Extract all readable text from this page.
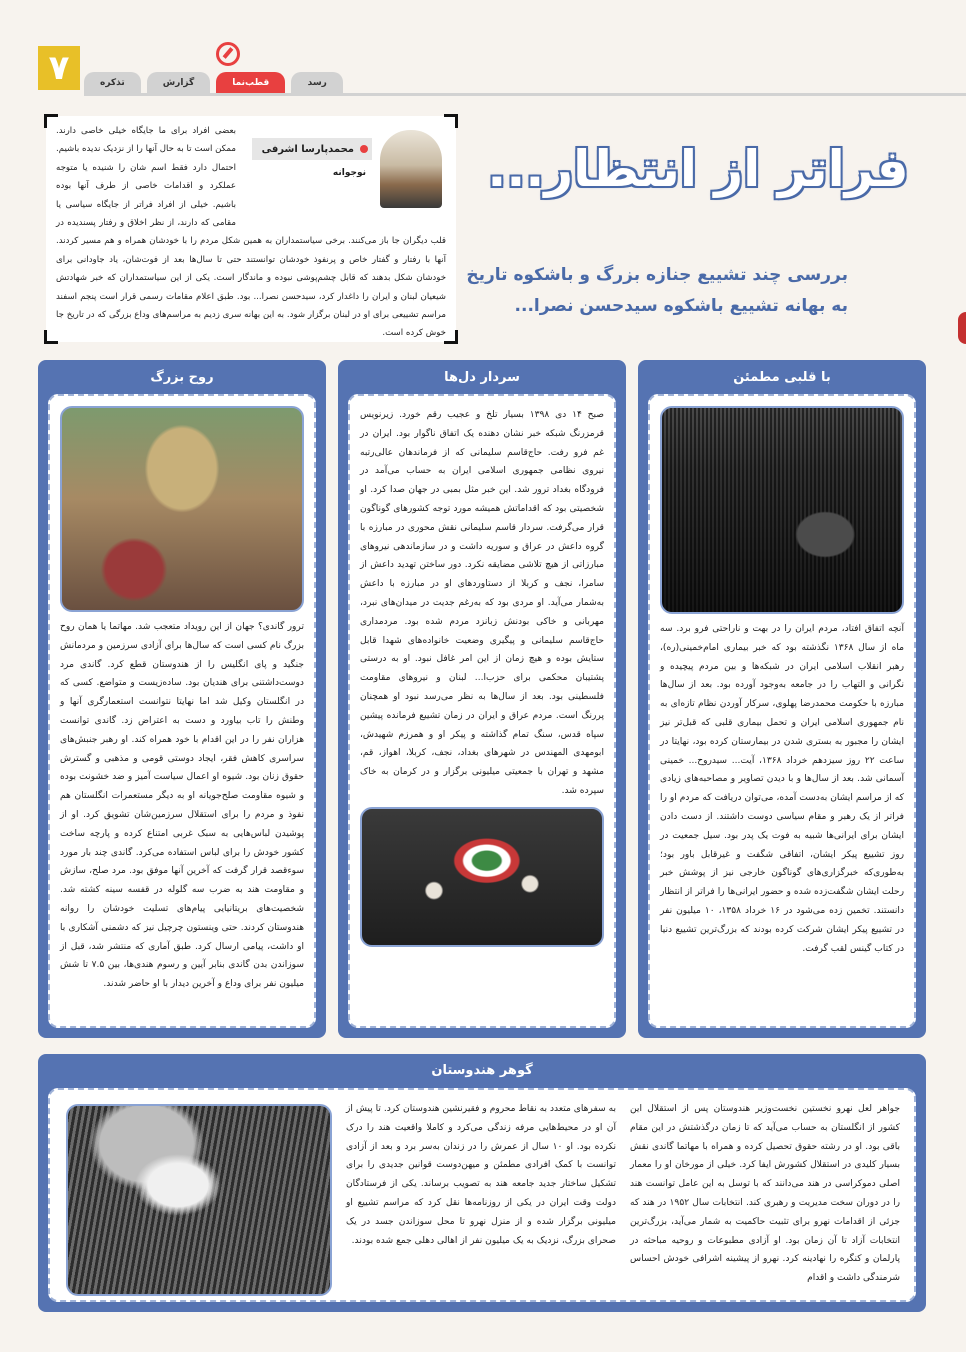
۷	تذکره	گزارش	قطب‌نما	رسد
محمدپارسا اشرفی
نوجوانه

بعضی افراد برای ما جایگاه خیلی خاصی دارند. ممکن است تا به حال آنها را از نزدیک ندیده باشیم. احتمال دارد فقط اسم شان را شنیده یا متوجه عملکرد و اقدامات خاصی از طرف آنها بوده باشیم. خیلی از افراد فراتر از جایگاه سیاسی یا مقامی که دارند، از نظر اخلاق و رفتار پسندیده در قلب دیگران جا باز می‌کنند. برخی سیاستمداران به همین شکل مردم را با خودشان همراه و هم مسیر کردند. آنها با رفتار و گفتار خاص و پرنفوذ خودشان توانستند حتی تا سال‌ها بعد از فوت‌شان، یاد جاودانی برای خودشان شکل بدهند که قابل چشم‌پوشی نبوده و ماندگار است. یکی از این سیاستمداران که خبر شهادتش شیعیان لبنان و ایران را داغدار کرد، سیدحسن نصرا... بود. طبق اعلام مقامات رسمی قرار است پنجم اسفند مراسم تشییعی برای او در لبنان برگزار شود. به این بهانه سری زدیم به مراسم‌های وداع بزرگی که در تاریخ جا خوش کرده است.

فراتر از انتظار...
بررسی چند تشییع جنازه بزرگ و باشکوه تاریخ
به بهانه تشییع باشکوه سیدحسن نصرا...
با قلبی مطمئن

آنچه اتفاق افتاد، مردم ایران را در بهت و ناراحتی فرو برد. سه ماه از سال ۱۳۶۸ نگذشته بود که خبر بیماری امام‌خمینی(ره)، رهبر انقلاب اسلامی ایران در شبکه‌ها و بین مردم پیچیده و نگرانی و التهاب را در جامعه به‌وجود آورده بود. بعد از سال‌ها مبارزه با حکومت محمدرضا پهلوی، سرکار آوردن نظام تازه‌ای به نام جمهوری اسلامی ایران و تحمل بیماری قلبی که قبل‌تر نیز ایشان را مجبور به بستری شدن در بیمارستان کرده بود، نهایتا در ساعت ۲۲ روز سیزدهم خرداد ۱۳۶۸، آیت... سیدروح... خمینی آسمانی شد. بعد از سال‌ها و با دیدن تصاویر و مصاحبه‌های زیادی که از مراسم ایشان به‌دست آمده، می‌توان دریافت که مردم او را فراتر از یک رهبر و مقام سیاسی دوست داشتند. از دست دادن ایشان برای ایرانی‌ها شبیه به فوت یک پدر بود. سیل جمعیت در روز تشییع پیکر ایشان، اتفاقی شگفت و غیرقابل باور بود؛ به‌طوری‌که خبرگزاری‌های گوناگون خارجی نیز از پوشش خبر رحلت ایشان شگفت‌زده شده و حضور ایرانی‌ها را فراتر از انتظار دانستند. تخمین زده می‌شود در ۱۶ خرداد ۱۳۵۸، ۱۰ میلیون نفر در تشییع پیکر ایشان شرکت کرده بودند که بزرگ‌ترین تشییع دنیا در کتاب گینس لقب گرفت.

سردار دل‌ها

صبح ۱۴ دی ۱۳۹۸ بسیار تلخ و عجیب رقم خورد. زیرنویس قرمزرنگ شبکه خبر نشان دهنده یک اتفاق ناگوار بود. ایران در غم فرو رفت. حاج‌قاسم سلیمانی که از فرماندهان عالی‌رتبه نیروی نظامی جمهوری اسلامی ایران به حساب می‌آمد در فرودگاه بغداد ترور شد. این خبر مثل بمبی در جهان صدا کرد. او شخصیتی بود که اقداماتش همیشه مورد توجه کشورهای گوناگون قرار می‌گرفت. سردار قاسم سلیمانی نقش محوری در مبارزه با گروه داعش در عراق و سوریه داشت و در سازماندهی نیروهای مبارزاتی از هیچ تلاشی مضایقه نکرد. دور ساختن تهدید داعش از سامرا، نجف و کربلا از دستاوردهای او در مبارزه با داعش به‌شمار می‌آید. او مردی بود که به‌رغم جدیت در میدان‌های نبرد، مهربانی و خاکی بودنش زبانزد مردم شده بود. مردمداری حاج‌قاسم سلیمانی و پیگیری وضعیت خانواده‌های شهدا قابل ستایش بوده و هیچ زمان از این امر غافل نبود. او به درستی پشتیبان محکمی برای حزب‌ا... لبنان و نیروهای مقاومت فلسطینی بود. بعد از سال‌ها به نظر می‌رسد نبود او همچنان پررنگ است. مردم عراق و ایران در زمان تشییع فرمانده پیشین سپاه قدس، سنگ تمام گذاشته و پیکر او و همرزم شهیدش، ابومهدی المهندس در شهرهای بغداد، نجف، کربلا، اهواز، قم، مشهد و تهران با جمعیتی میلیونی برگزار و در کرمان به خاک سپرده شد.

روح بزرگ

ترور گاندی؟ جهان از این رویداد متعجب شد. مهاتما یا همان روح بزرگ نام کسی است که سال‌ها برای آزادی سرزمین و مردمانش جنگید و پای انگلیس را از هندوستان قطع کرد. گاندی مرد دوست‌داشتنی برای هندیان بود. ساده‌زیست و متواضع. کسی که در انگلستان وکیل شد اما نهایتا نتوانست استعمارگری آنها و وطنش را تاب بیاورد و دست به اعتراض زد. گاندی توانست هزاران نفر را در این اقدام با خود همراه کند. او رهبر جنبش‌های سراسری کاهش فقر، ایجاد دوستی قومی و مذهبی و گسترش حقوق زنان بود. شیوه او اعمال سیاست آمیز و ضد خشونت بوده و شیوه مقاومت صلح‌جویانه او به دیگر مستعمرات انگلستان هم نفوذ و مردم را برای استقلال سرزمین‌شان تشویق کرد. او از پوشیدن لباس‌هایی به سبک غربی امتناع کرده و پارچه ساخت کشور خودش را برای لباس استفاده می‌کرد. گاندی چند بار مورد سوءقصد قرار گرفت که آخرین آنها موفق بود. مرد صلح، سازش و مقاومت هند به ضرب سه گلوله در قفسه سینه کشته شد. شخصیت‌های بریتانیایی پیام‌های تسلیت خودشان را روانه هندوستان کردند. حتی وینستون چرچیل نیز که دشمنی آشکاری با او داشت، پیامی ارسال کرد. طبق آماری که منتشر شد، قبل از سوزاندن بدن گاندی بنابر آیین و رسوم هندی‌ها، بین ۷.۵ تا شش میلیون نفر برای وداع و آخرین دیدار با او حاضر شدند.

گوهر هندوستان

جواهر لعل نهرو نخستین نخست‌وزیر هندوستان پس از استقلال این کشور از انگلستان به حساب می‌آید که تا زمان درگذشتش در این مقام باقی بود. او در رشته حقوق تحصیل کرده و همراه با مهاتما گاندی نقش بسیار کلیدی در استقلال کشورش ایفا کرد. خیلی از مورخان او را معمار اصلی دموکراسی در هند می‌دانند که با توسل به این عامل توانست هند را در دوران سخت مدیریت و رهبری کند. انتخابات سال ۱۹۵۲ در هند که جزئی از اقدامات نهرو برای تثبیت حاکمیت به شمار می‌آید، بزرگ‌ترین انتخابات آزاد تا آن زمان بود. او آزادی مطبوعات و روحیه مباحثه در پارلمان و کنگره را نهادینه کرد. نهرو از پیشینه اشرافی خودش احساس شرمندگی داشت و اقدام

به سفرهای متعدد به نقاط محروم و فقیرنشین هندوستان کرد. تا پیش از آن او در محیط‌هایی مرفه زندگی می‌کرد و کاملا واقعیت هند را درک نکرده بود. او ۱۰ سال از عمرش را در زندان به‌سر برد و بعد از آزادی توانست با کمک افرادی مطمئن و میهن‌دوست قوانین جدیدی را برای تشکیل ساختار جدید جامعه هند به تصویب برساند. یکی از فرستادگان دولت وقت ایران در یکی از روزنامه‌ها نقل کرد که مراسم تشییع او میلیونی برگزار شده و از منزل نهرو تا محل سوزاندن جسد در یک صحرای بزرگ، نزدیک به یک میلیون نفر از اهالی دهلی جمع شده بودند.
